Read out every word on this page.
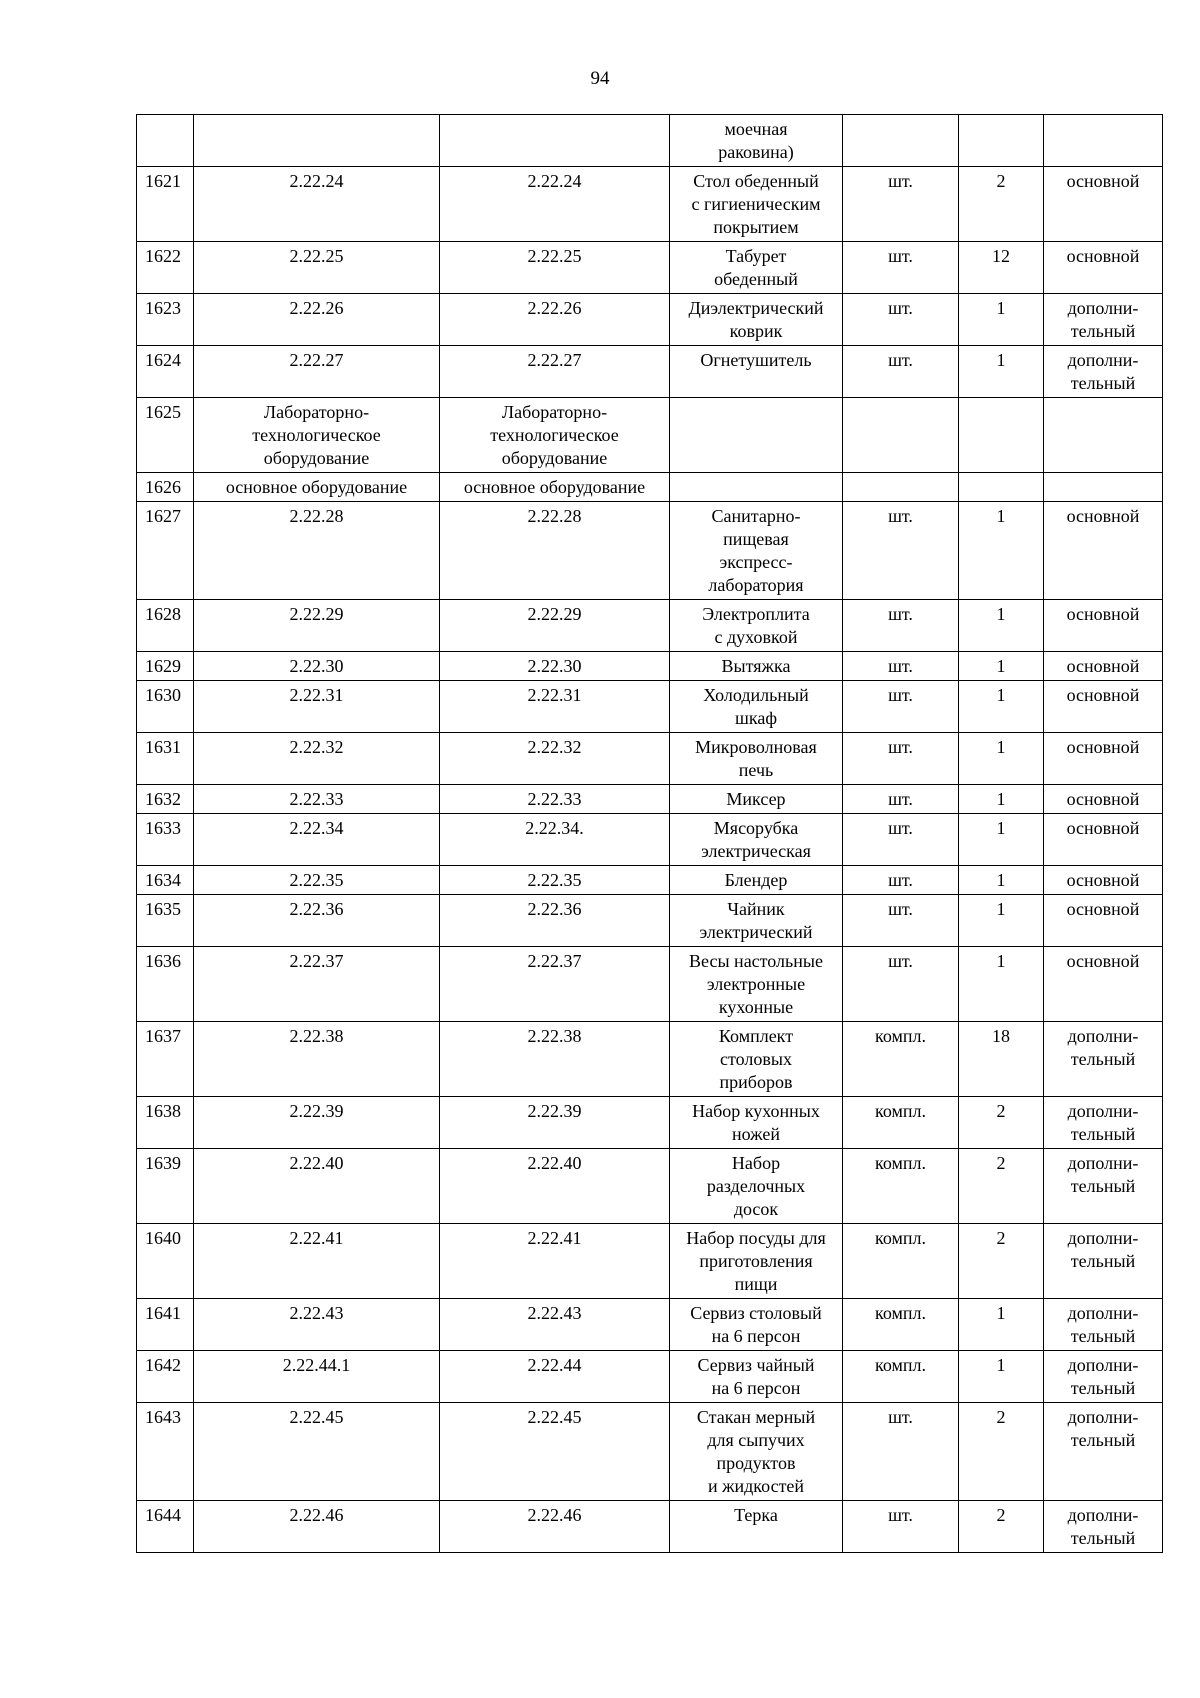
94
			моечная
раковина)			
1621	2.22.24	2.22.24	Стол обеденный
с гигиеническим
покрытием	шт.	2	основной
1622	2.22.25	2.22.25	Табурет
обеденный	шт.	12	основной
1623	2.22.26	2.22.26	Диэлектрический
коврик	шт.	1	дополни-
тельный
1624	2.22.27	2.22.27	Огнетушитель	шт.	1	дополни-
тельный
1625	Лабораторно-
технологическое
оборудование	Лабораторно-
технологическое
оборудование				
1626	основное оборудование	основное оборудование				
1627	2.22.28	2.22.28	Санитарно-
пищевая
экспресс-
лаборатория	шт.	1	основной
1628	2.22.29	2.22.29	Электроплита
с духовкой	шт.	1	основной
1629	2.22.30	2.22.30	Вытяжка	шт.	1	основной
1630	2.22.31	2.22.31	Холодильный
шкаф	шт.	1	основной
1631	2.22.32	2.22.32	Микроволновая
печь	шт.	1	основной
1632	2.22.33	2.22.33	Миксер	шт.	1	основной
1633	2.22.34	2.22.34.	Мясорубка
электрическая	шт.	1	основной
1634	2.22.35	2.22.35	Блендер	шт.	1	основной
1635	2.22.36	2.22.36	Чайник
электрический	шт.	1	основной
1636	2.22.37	2.22.37	Весы настольные
электронные
кухонные	шт.	1	основной
1637	2.22.38	2.22.38	Комплект
столовых
приборов	компл.	18	дополни-
тельный
1638	2.22.39	2.22.39	Набор кухонных
ножей	компл.	2	дополни-
тельный
1639	2.22.40	2.22.40	Набор
разделочных
досок	компл.	2	дополни-
тельный
1640	2.22.41	2.22.41	Набор посуды для
приготовления
пищи	компл.	2	дополни-
тельный
1641	2.22.43	2.22.43	Сервиз столовый
на 6 персон	компл.	1	дополни-
тельный
1642	2.22.44.1	2.22.44	Сервиз чайный
на 6 персон	компл.	1	дополни-
тельный
1643	2.22.45	2.22.45	Стакан мерный
для сыпучих
продуктов
и жидкостей	шт.	2	дополни-
тельный
1644	2.22.46	2.22.46	Терка	шт.	2	дополни-
тельный
